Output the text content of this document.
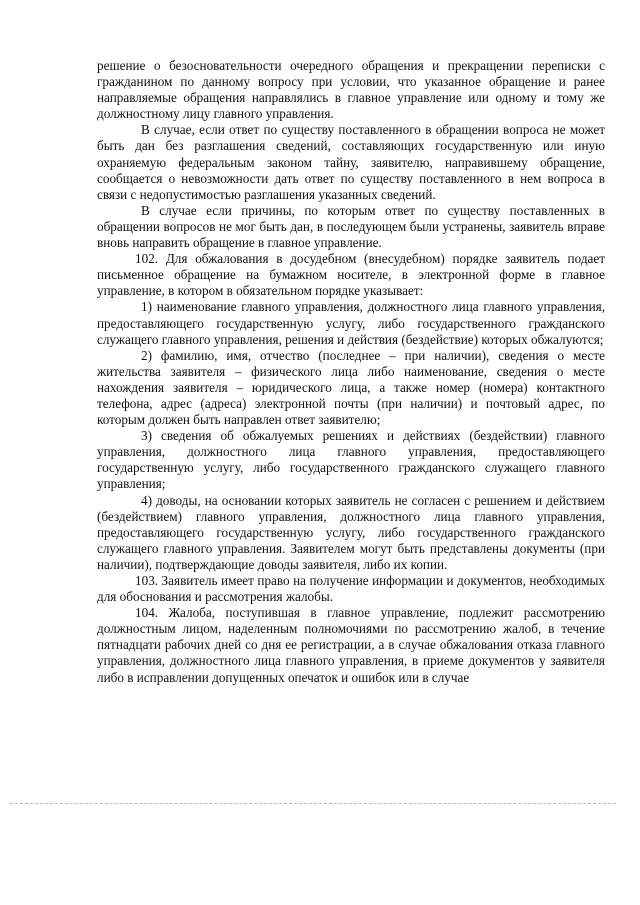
решение о безосновательности очередного обращения и прекращении переписки с гражданином по данному вопросу при условии, что указанное обращение и ранее направляемые обращения направлялись в главное управление или одному и тому же должностному лицу главного управления.

В случае, если ответ по существу поставленного в обращении вопроса не может быть дан без разглашения сведений, составляющих государственную или иную охраняемую федеральным законом тайну, заявителю, направившему обращение, сообщается о невозможности дать ответ по существу поставленного в нем вопроса в связи с недопустимостью разглашения указанных сведений.

В случае если причины, по которым ответ по существу поставленных в обращении вопросов не мог быть дан, в последующем были устранены, заявитель вправе вновь направить обращение в главное управление.

102. Для обжалования в досудебном (внесудебном) порядке заявитель подает письменное обращение на бумажном носителе, в электронной форме в главное управление, в котором в обязательном порядке указывает:

1) наименование главного управления, должностного лица главного управления, предоставляющего государственную услугу, либо государственного гражданского служащего главного управления, решения и действия (бездействие) которых обжалуются;

2) фамилию, имя, отчество (последнее – при наличии), сведения о месте жительства заявителя – физического лица либо наименование, сведения о месте нахождения заявителя – юридического лица, а также номер (номера) контактного телефона, адрес (адреса) электронной почты (при наличии) и почтовый адрес, по которым должен быть направлен ответ заявителю;

3) сведения об обжалуемых решениях и действиях (бездействии) главного управления, должностного лица главного управления, предоставляющего государственную услугу, либо государственного гражданского служащего главного управления;

4) доводы, на основании которых заявитель не согласен с решением и действием (бездействием) главного управления, должностного лица главного управления, предоставляющего государственную услугу, либо государственного гражданского служащего главного управления. Заявителем могут быть представлены документы (при наличии), подтверждающие доводы заявителя, либо их копии.

103. Заявитель имеет право на получение информации и документов, необходимых для обоснования и рассмотрения жалобы.

104. Жалоба, поступившая в главное управление, подлежит рассмотрению должностным лицом, наделенным полномочиями по рассмотрению жалоб, в течение пятнадцати рабочих дней со дня ее регистрации, а в случае обжалования отказа главного управления, должностного лица главного управления, в приеме документов у заявителя либо в исправлении допущенных опечаток и ошибок или в случае
